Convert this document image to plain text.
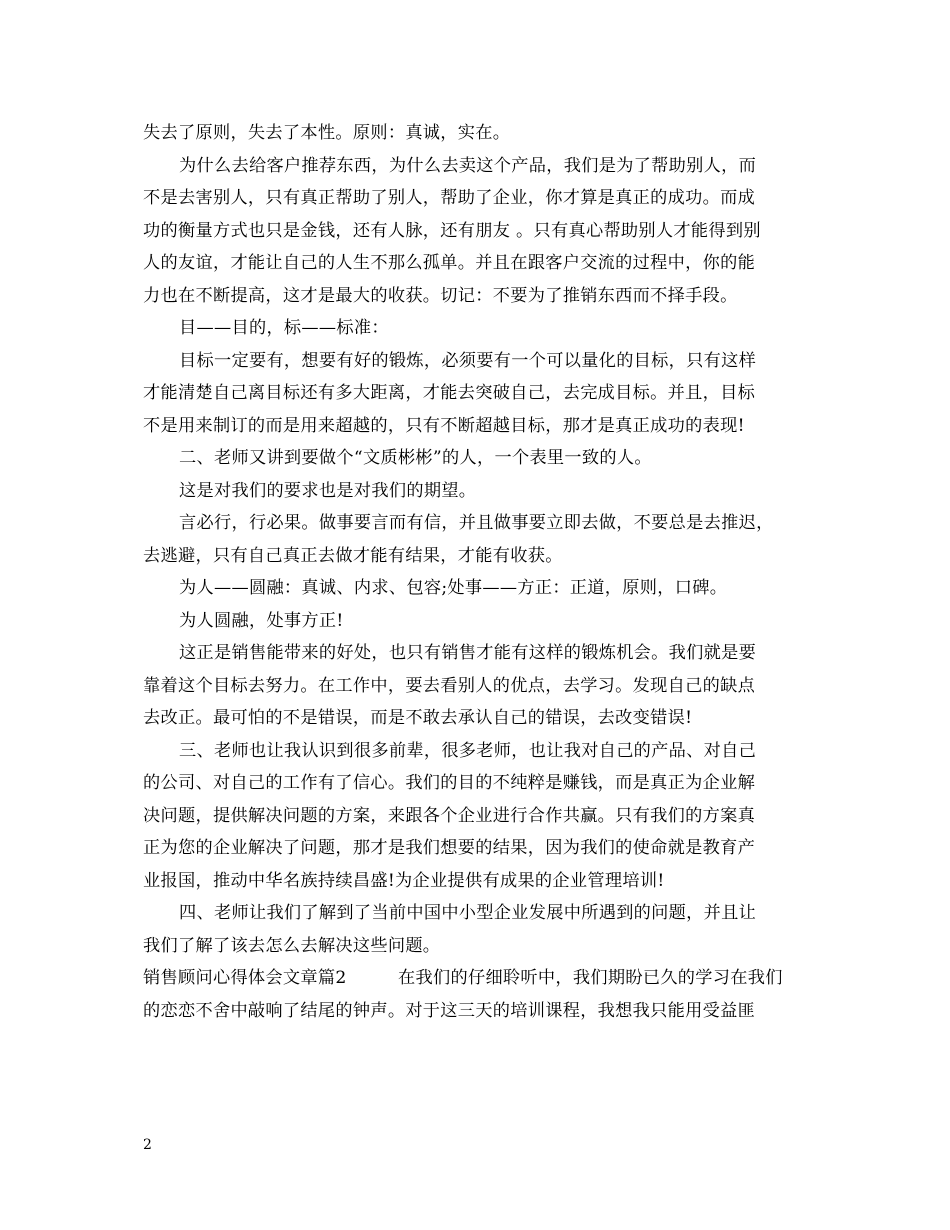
失去了原则，失去了本性。原则：真诚，实在。
为什么去给客户推荐东西，为什么去卖这个产品，我们是为了帮助别人，而
不是去害别人，只有真正帮助了别人，帮助了企业，你才算是真正的成功。而成
功的衡量方式也只是金钱，还有人脉，还有朋友 。只有真心帮助别人才能得到别
人的友谊，才能让自己的人生不那么孤单。并且在跟客户交流的过程中，你的能
力也在不断提高，这才是最大的收获。切记：不要为了推销东西而不择手段。
目——目的，标——标准：
目标一定要有，想要有好的锻炼，必须要有一个可以量化的目标，只有这样
才能清楚自己离目标还有多大距离，才能去突破自己，去完成目标。并且，目标
不是用来制订的而是用来超越的，只有不断超越目标，那才是真正成功的表现!
二、老师又讲到要做个“文质彬彬”的人，一个表里一致的人。
这是对我们的要求也是对我们的期望。
言必行，行必果。做事要言而有信，并且做事要立即去做，不要总是去推迟，
去逃避，只有自己真正去做才能有结果，才能有收获。
为人——圆融：真诚、内求、包容;处事——方正：正道，原则，口碑。
为人圆融，处事方正!
这正是销售能带来的好处，也只有销售才能有这样的锻炼机会。我们就是要
靠着这个目标去努力。在工作中，要去看别人的优点，去学习。发现自己的缺点
去改正。最可怕的不是错误，而是不敢去承认自己的错误，去改变错误!
三、老师也让我认识到很多前辈，很多老师，也让我对自己的产品、对自己
的公司、对自己的工作有了信心。我们的目的不纯粹是赚钱，而是真正为企业解
决问题，提供解决问题的方案，来跟各个企业进行合作共赢。只有我们的方案真
正为您的企业解决了问题，那才是我们想要的结果，因为我们的使命就是教育产
业报国，推动中华名族持续昌盛!为企业提供有成果的企业管理培训!
四、老师让我们了解到了当前中国中小型企业发展中所遇到的问题，并且让
我们了解了该去怎么去解决这些问题。
销售顾问心得体会文章篇2	在我们的仔细聆听中，我们期盼已久的学习在我们
的恋恋不舍中敲响了结尾的钟声。对于这三天的培训课程，我想我只能用受益匪
2
